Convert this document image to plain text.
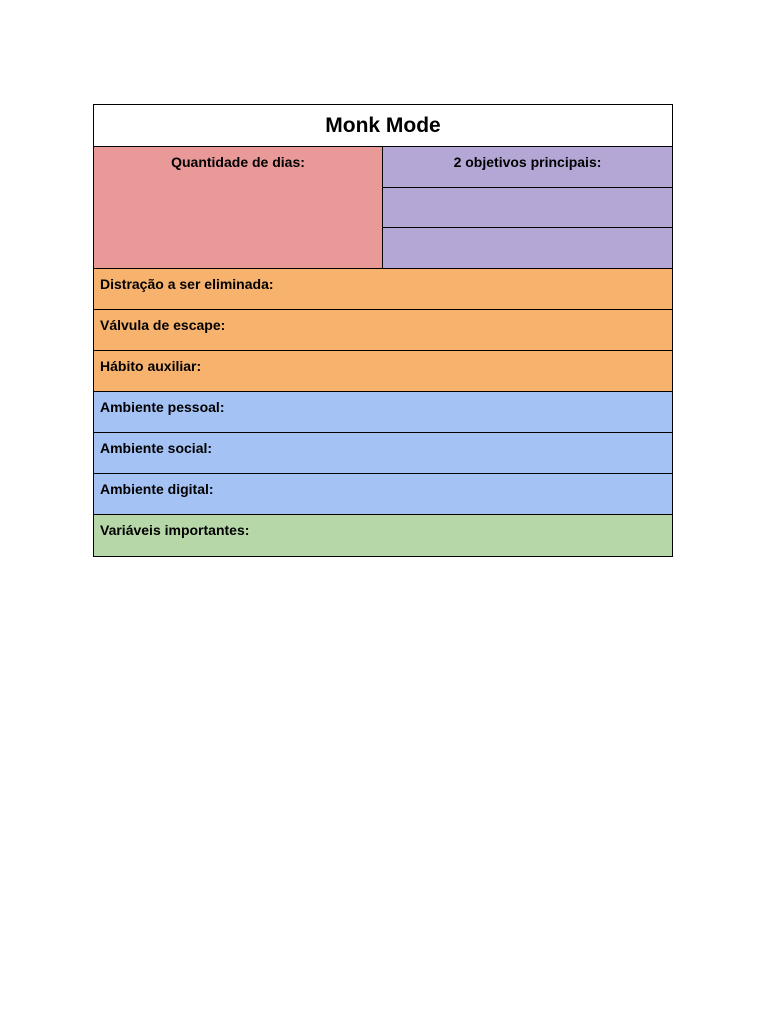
Monk Mode
Quantidade de dias:	2 objetivos principais:
Distração a ser eliminada:
Válvula de escape:
Hábito auxiliar:
Ambiente pessoal:
Ambiente social:
Ambiente digital:
Variáveis importantes:
